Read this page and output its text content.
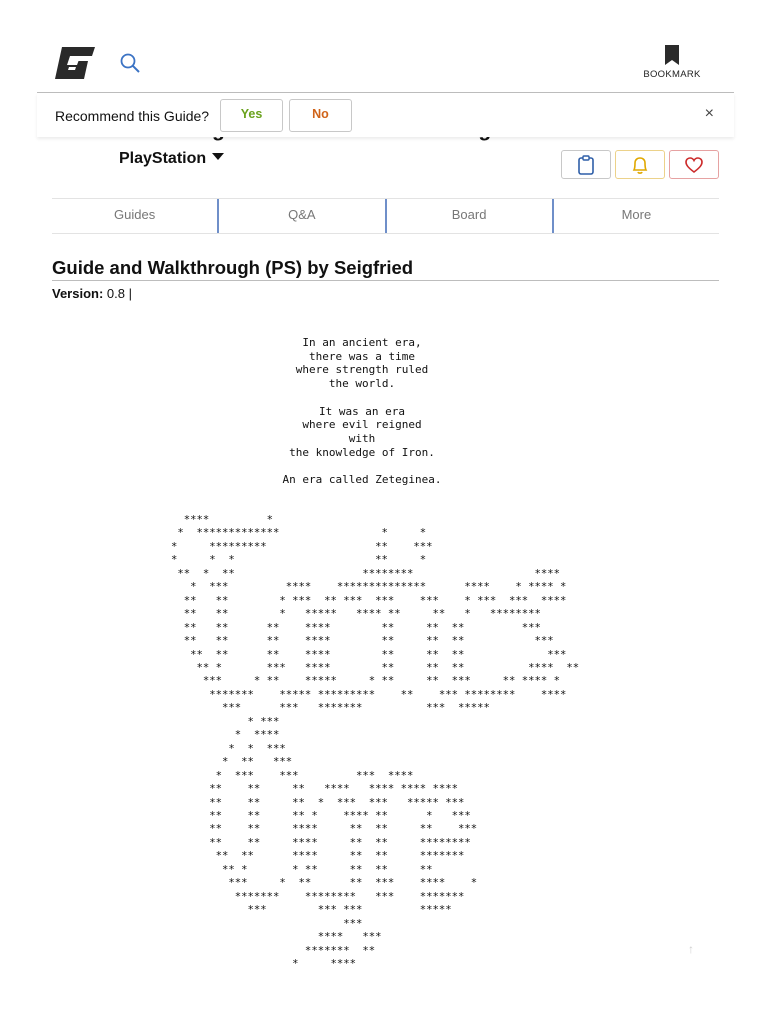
BOOKMARK
PlayStation
Recommend this Guide?	Yes	No	×
Guides	Q&A	Board	More
Guide and Walkthrough (PS) by Seigfried
Version: 0.8 |
In an ancient era,
there was a time
where strength ruled
the world.

It was an era
where evil reigned
with
the knowledge of Iron.

An era called Zeteginea.
****         *
*  *************                *     *
*     *********                 **    ***
*     *  *                      **     *
**  *  **                    ********                   ****
*  ***         ****    **************      ****    * **** *
**   **        * ***  ** ***  ***    ***    * ***  ***  ****
**   **        *   *****   **** **     **   *   ********
**   **      **    ****        **     **  **         ***
**   **      **    ****        **     **  **           ***
**  **      **    ****        **     **  **             ***
** *       ***   ****        **     **  **          ****  **
***     * **    *****     * **     **  ***     ** **** *
*******    ***** *********    **    *** ********    ****
***      ***   *******          ***  *****
* ***
*  ****
*  *  ***
*  **   ***
*  ***    ***         ***  ****
**    **     **   ****   **** **** ****
**    **     **  *  ***  ***   ***** ***
**    **     ** *    **** **      *   ***
**    **     ****     **  **     **    ***
**    **     ****     **  **     ********
**  **      ****     **  **     *******
** *       * **     **  **     **
***     *  **      **  ***    ****    *
*******    ********   ***    *******
***        *** ***         *****
***
****   ***
*******  **
*     ****
↑
